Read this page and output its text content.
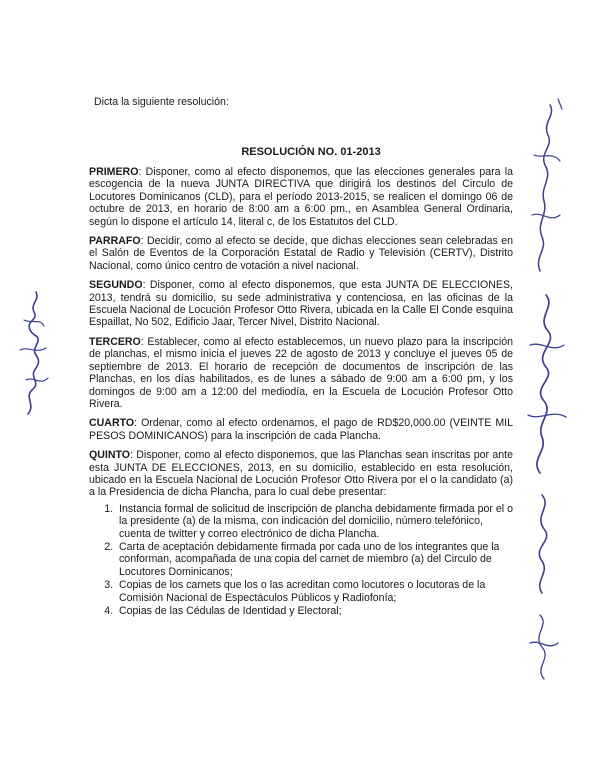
Dicta la siguiente resolución:
RESOLUCIÓN NO. 01-2013

PRIMERO: Disponer, como al efecto disponemos, que las elecciones generales para la escogencia de la nueva JUNTA DIRECTIVA que dirigirá los destinos del Circulo de Locutores Dominicanos (CLD), para el período 2013-2015, se realicen el domingo 06 de octubre de 2013, en horario de 8:00 am a 6:00 pm., en Asamblea General Ordinaria, según lo dispone el artículo 14, literal c, de los Estatutos del CLD.

PARRAFO: Decidir, como al efecto se decide, que dichas elecciones sean celebradas en el Salón de Eventos de la Corporación Estatal de Radio y Televisión (CERTV), Distrito Nacional, como único centro de votación a nivel nacional.

SEGUNDO: Disponer, como al efecto disponemos, que esta JUNTA DE ELECCIONES, 2013, tendrá su domicilio, su sede administrativa y contenciosa, en las oficinas de la Escuela Nacional de Locución Profesor Otto Rivera, ubicada en la Calle El Conde esquina Espaillat, No 502, Edificio Jaar, Tercer Nivel, Distrito Nacional.

TERCERO: Establecer, como al efecto establecemos, un nuevo plazo para la inscripción de planchas, el mismo inicia el jueves 22 de agosto de 2013 y concluye el jueves 05 de septiembre de 2013. El horario de recepción de documentos de inscripción de las Planchas, en los días habilitados, es de lunes a sábado de 9:00 am a 6:00 pm, y los domingos de 9:00 am a 12:00 del mediodía, en la Escuela de Locución Profesor Otto Rivera.

CUARTO: Ordenar, como al efecto ordenamos, el pago de RD$20,000.00 (VEINTE MIL PESOS DOMINICANOS) para la inscripción de cada Plancha.

QUINTO: Disponer, como al efecto disponemos, que las Planchas sean inscritas por ante esta JUNTA DE ELECCIONES, 2013, en su domicilio, establecido en esta resolución, ubicado en la Escuela Nacional de Locución Profesor Otto Rivera por el o la candidato (a) a la Presidencia de dicha Plancha, para lo cual debe presentar:

1. Instancia formal de solicitud de inscripción de plancha debidamente firmada por el o la presidente (a) de la misma, con indicación del domicilio, número telefónico, cuenta de twitter y correo electrónico de dicha Plancha.
2. Carta de aceptación debidamente firmada por cada uno de los integrantes que la conforman, acompañada de una copia del carnet de miembro (a) del Circulo de Locutores Dominicanos;
3. Copias de los carnets que los o las acreditan como locutores o locutoras de la Comisión Nacional de Espectáculos Públicos y Radiofonía;
4. Copias de las Cédulas de Identidad y Electoral;
